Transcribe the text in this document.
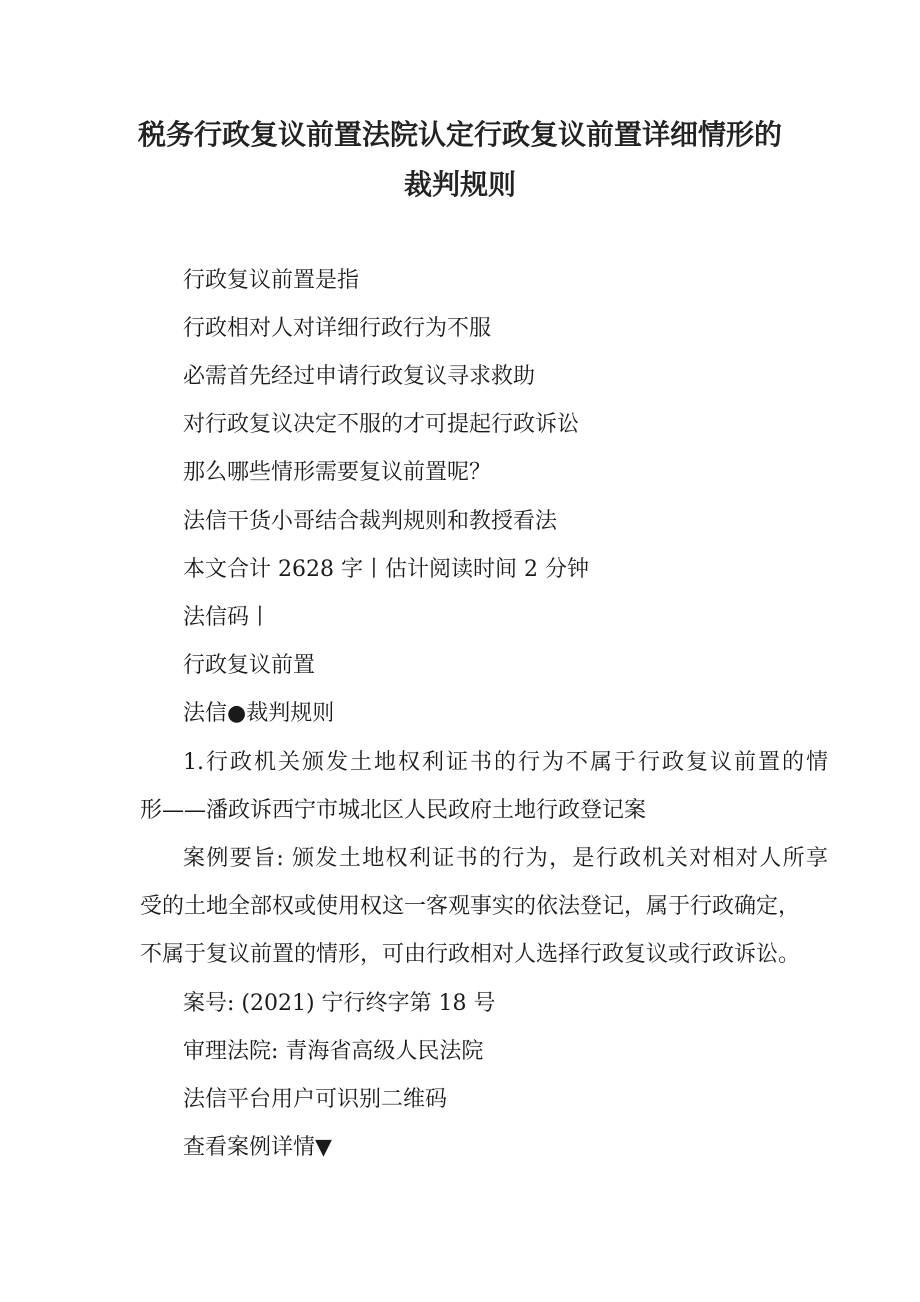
税务行政复议前置法院认定行政复议前置详细情形的
裁判规则
行政复议前置是指
行政相对人对详细行政行为不服
必需首先经过申请行政复议寻求救助
对行政复议决定不服的才可提起行政诉讼
那么哪些情形需要复议前置呢？
法信干货小哥结合裁判规则和教授看法
本文合计 2628 字丨估计阅读时间 2 分钟
法信码丨
行政复议前置
法信●裁判规则
1.行政机关颁发土地权利证书的行为不属于行政复议前置的情
形——潘政诉西宁市城北区人民政府土地行政登记案
案例要旨: 颁发土地权利证书的行为，是行政机关对相对人所享
受的土地全部权或使用权这一客观事实的依法登记，属于行政确定，
不属于复议前置的情形，可由行政相对人选择行政复议或行政诉讼。
案号: (2021) 宁行终字第 18 号
审理法院: 青海省高级人民法院
法信平台用户可识别二维码
查看案例详情▼
